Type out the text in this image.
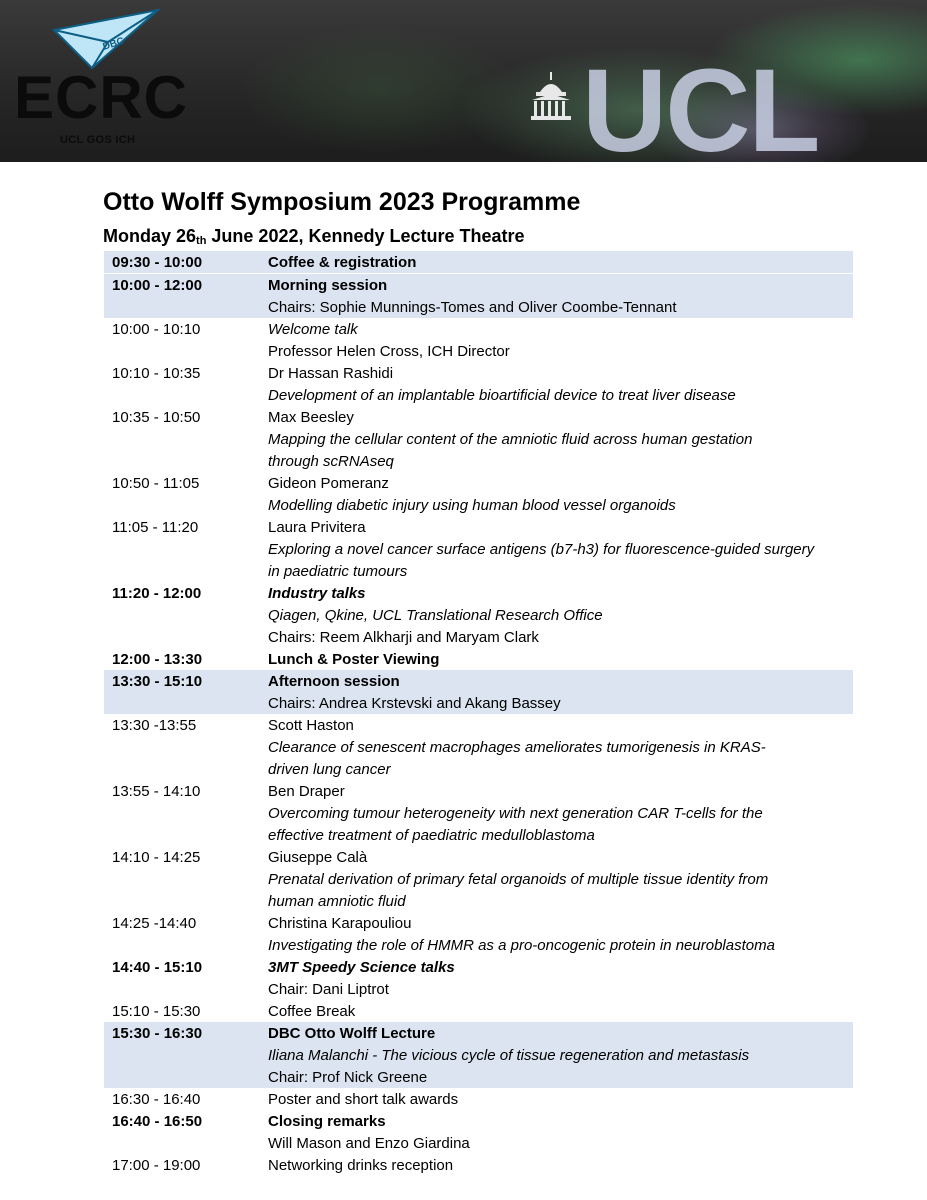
DBC
ECRC
UCL GOS ICH	UCL
Otto Wolff Symposium 2023 Programme
Monday $26_{th}$ June 2022, Kennedy Lecture Theatre
09:30 - 10:00	Coffee & registration
10:00 - 12:00	Morning session
Chairs: Sophie Munnings-Tomes and Oliver Coombe-Tennant
10:00 - 10:10	Welcome talk
Professor Helen Cross, ICH Director
10:10 - 10:35	Dr Hassan Rashidi
Development of an implantable bioartificial device to treat liver disease
10:35 - 10:50	Max Beesley
Mapping the cellular content of the amniotic fluid across human gestation
through scRNAseq
10:50 - 11:05	Gideon Pomeranz
Modelling diabetic injury using human blood vessel organoids
11:05 - 11:20	Laura Privitera
Exploring a novel cancer surface antigens (b7-h3) for fluorescence-guided surgery
in paediatric tumours
11:20 - 12:00	Industry talks
Qiagen, Qkine, UCL Translational Research Office
Chairs: Reem Alkharji and Maryam Clark
12:00 - 13:30	Lunch & Poster Viewing
13:30 - 15:10	Afternoon session
Chairs: Andrea Krstevski and Akang Bassey
13:30 -13:55	Scott Haston
Clearance of senescent macrophages ameliorates tumorigenesis in KRAS-
driven lung cancer
13:55 - 14:10	Ben Draper
Overcoming tumour heterogeneity with next generation CAR T-cells for the
effective treatment of paediatric medulloblastoma
14:10 - 14:25	Giuseppe Calà
Prenatal derivation of primary fetal organoids of multiple tissue identity from
human amniotic fluid
14:25 -14:40	Christina Karapouliou
Investigating the role of HMMR as a pro-oncogenic protein in neuroblastoma
14:40 - 15:10	3MT Speedy Science talks
Chair: Dani Liptrot
15:10 - 15:30	Coffee Break
15:30 - 16:30	DBC Otto Wolff Lecture
Iliana Malanchi - The vicious cycle of tissue regeneration and metastasis
Chair: Prof Nick Greene
16:30 - 16:40	Poster and short talk awards
16:40 - 16:50	Closing remarks
Will Mason and Enzo Giardina
17:00 - 19:00	Networking drinks reception
